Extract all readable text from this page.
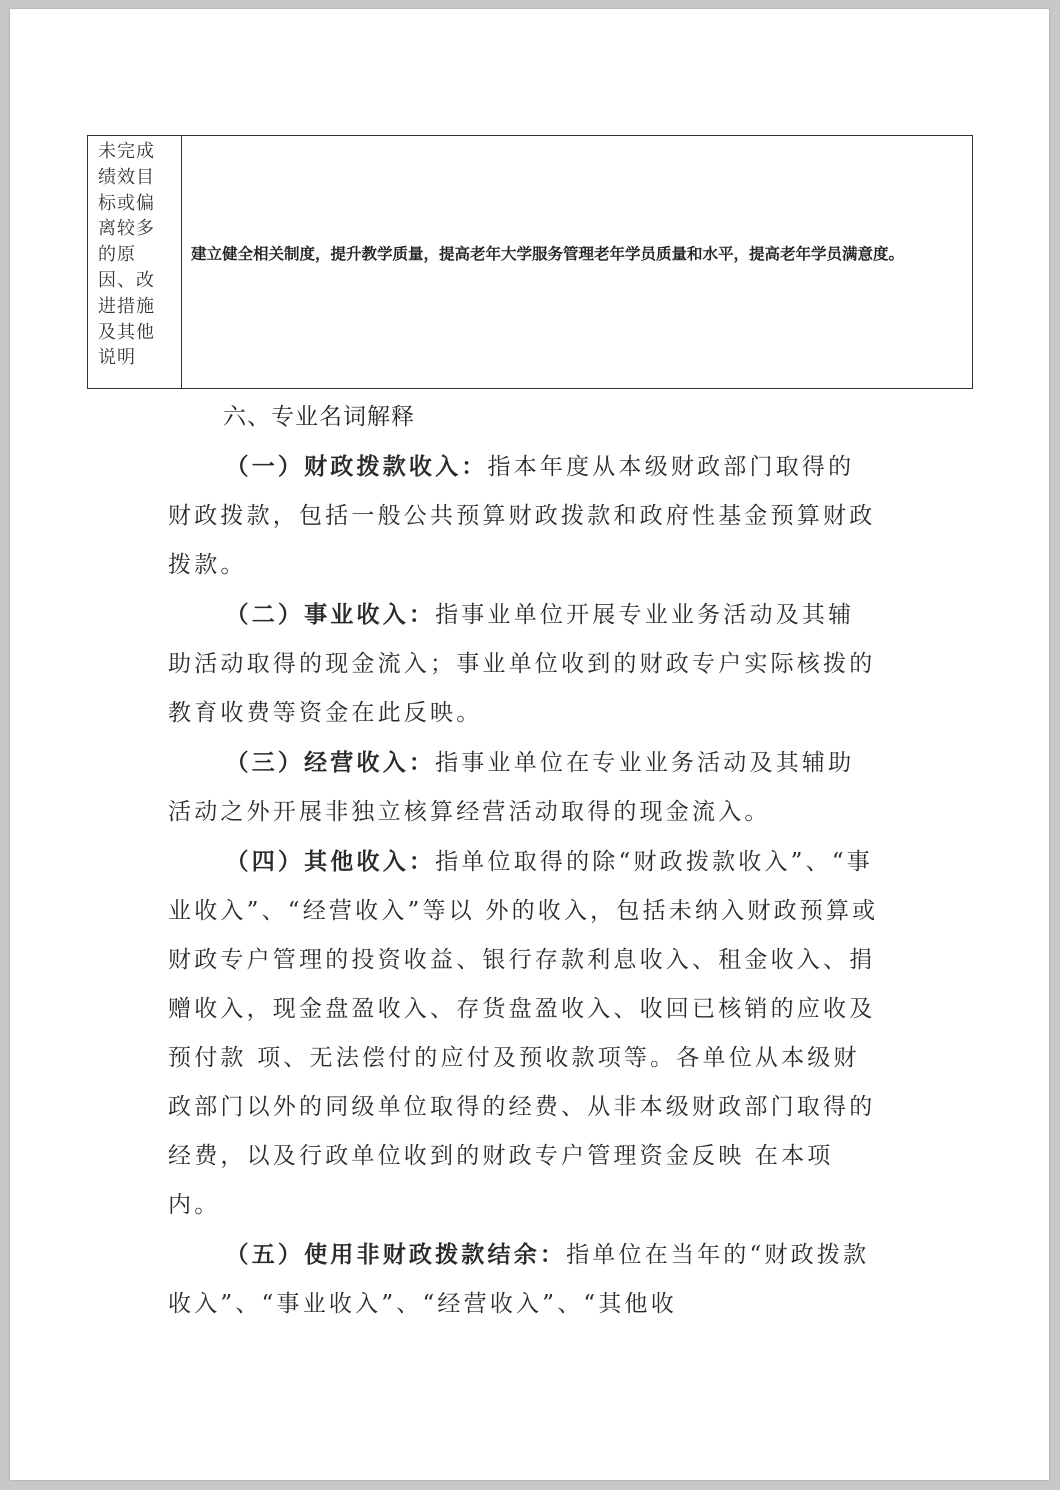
未完成
绩效目
标或偏
离较多
的原
因、改
进措施
及其他
说明
建立健全相关制度，提升教学质量，提高老年大学服务管理老年学员质量和水平，提高老年学员满意度。
六、专业名词解释

（一）财政拨款收入：指本年度从本级财政部门取得的财政拨款，包括一般公共预算财政拨款和政府性基金预算财政拨款。

（二）事业收入：指事业单位开展专业业务活动及其辅助活动取得的现金流入；事业单位收到的财政专户实际核拨的教育收费等资金在此反映。

（三）经营收入：指事业单位在专业业务活动及其辅助活动之外开展非独立核算经营活动取得的现金流入。

（四）其他收入：指单位取得的除“财政拨款收入”、“事业收入”、“经营收入”等以 外的收入，包括未纳入财政预算或财政专户管理的投资收益、银行存款利息收入、租金收入、捐赠收入，现金盘盈收入、存货盘盈收入、收回已核销的应收及预付款 项、无法偿付的应付及预收款项等。各单位从本级财政部门以外的同级单位取得的经费、从非本级财政部门取得的经费，以及行政单位收到的财政专户管理资金反映 在本项内。

（五）使用非财政拨款结余：指单位在当年的“财政拨款收入”、“事业收入”、“经营收入”、“其他收
